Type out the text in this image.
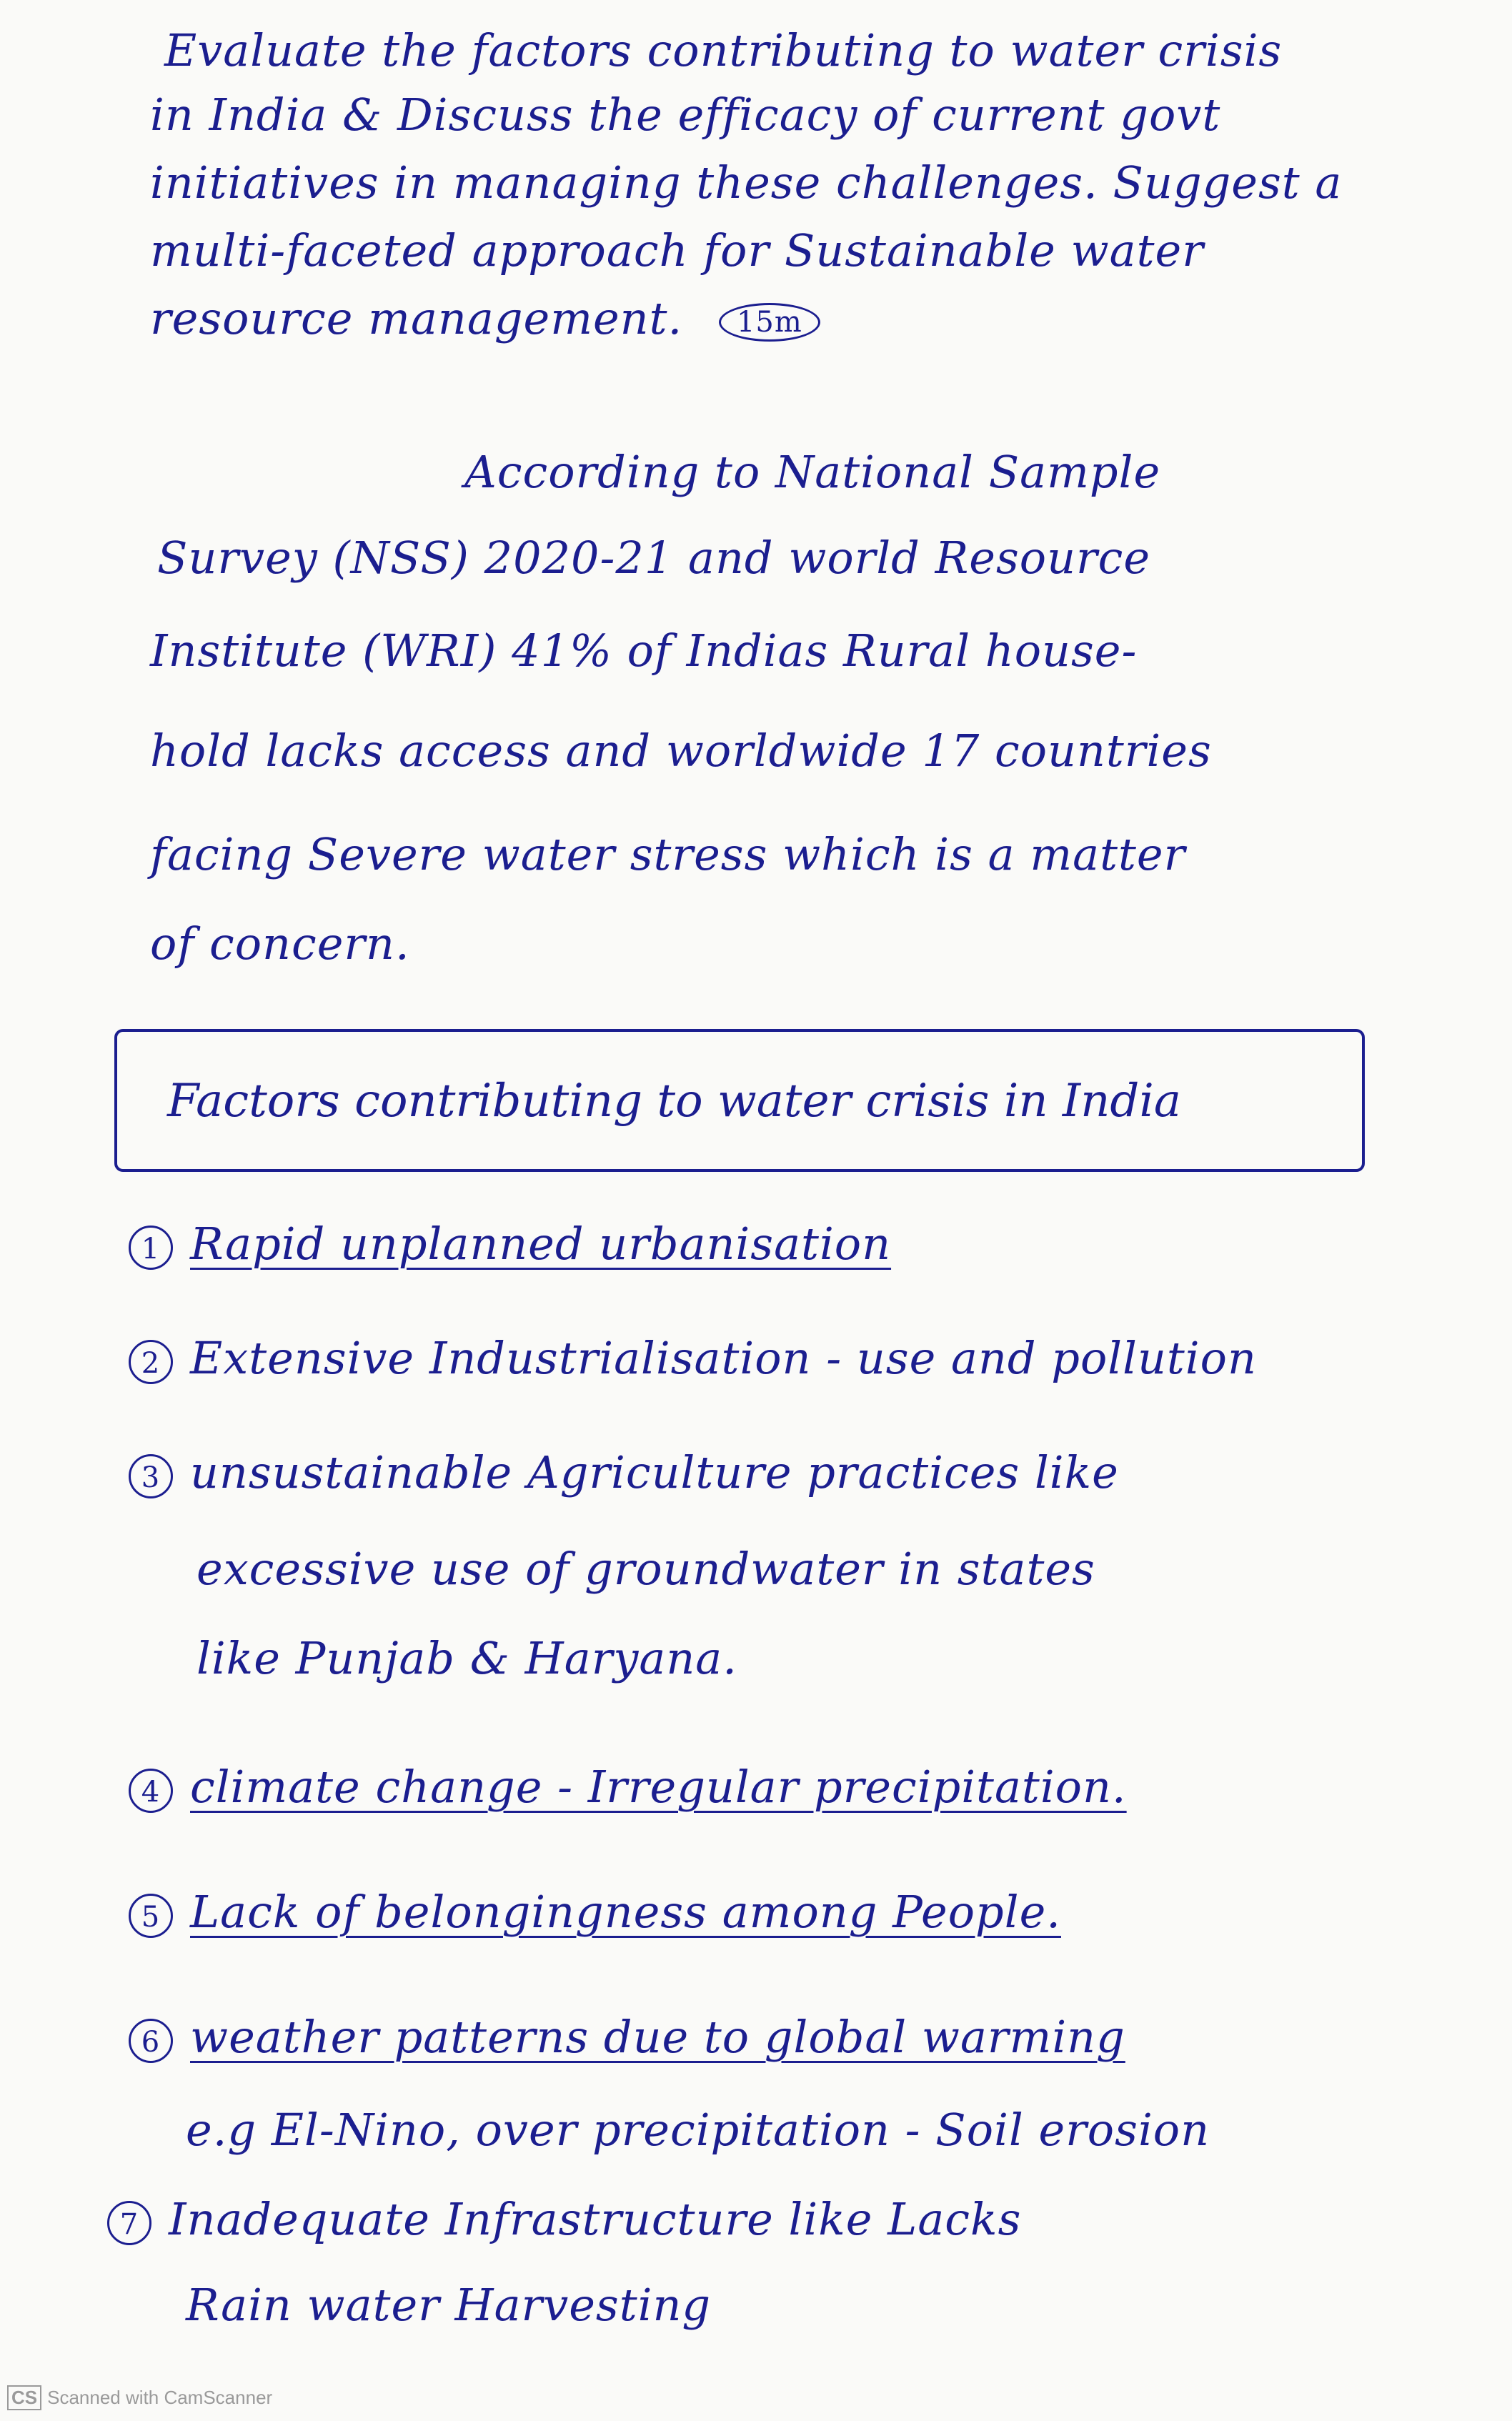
Evaluate the factors contributing to water crisis
in India & Discuss the efficacy of current govt
initiatives in managing these challenges. Suggest a
multi-faceted approach for Sustainable water
resource management. 15m
According to National Sample
Survey (NSS) 2020-21 and world Resource
Institute (WRI) 41% of Indias Rural house-
hold lacks access and worldwide 17 countries
facing Severe water stress which is a matter
of concern.
Factors contributing to water crisis in India
1 Rapid unplanned urbanisation
2 Extensive Industrialisation - use and pollution
3 unsustainable Agriculture practices like
excessive use of groundwater in states
like Punjab & Haryana.
4 climate change - Irregular precipitation.
5 Lack of belongingness among People.
6 weather patterns due to global warming
e.g El-Nino, over precipitation - Soil erosion
7 Inadequate Infrastructure like Lacks
Rain water Harvesting
CS Scanned with CamScanner
